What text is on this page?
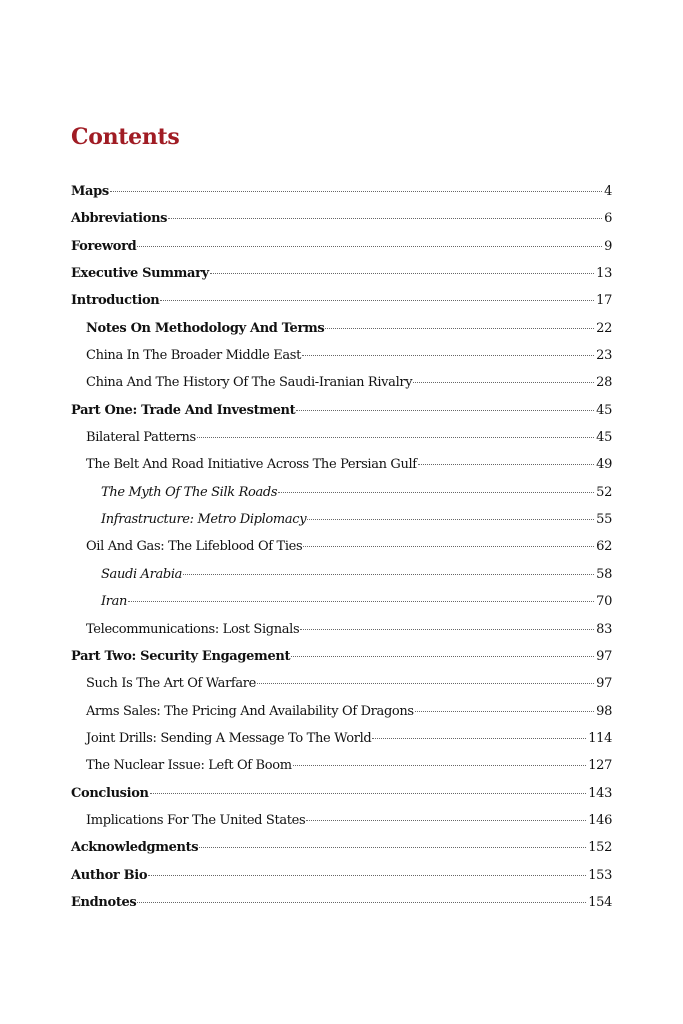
Contents
Maps	4
Abbreviations	6
Foreword	9
Executive Summary	13
Introduction	17
Notes On Methodology And Terms	22
China In The Broader Middle East	23
China And The History Of The Saudi-Iranian Rivalry	28
Part One: Trade And Investment	45
Bilateral Patterns	45
The Belt And Road Initiative Across The Persian Gulf	49
The Myth Of The Silk Roads	52
Infrastructure: Metro Diplomacy	55
Oil And Gas: The Lifeblood Of Ties	62
Saudi Arabia	58
Iran	70
Telecommunications: Lost Signals	83
Part Two: Security Engagement	97
Such Is The Art Of Warfare	97
Arms Sales: The Pricing And Availability Of Dragons	98
Joint Drills: Sending A Message To The World	114
The Nuclear Issue: Left Of Boom	127
Conclusion	143
Implications For The United States	146
Acknowledgments	152
Author Bio	153
Endnotes	154
